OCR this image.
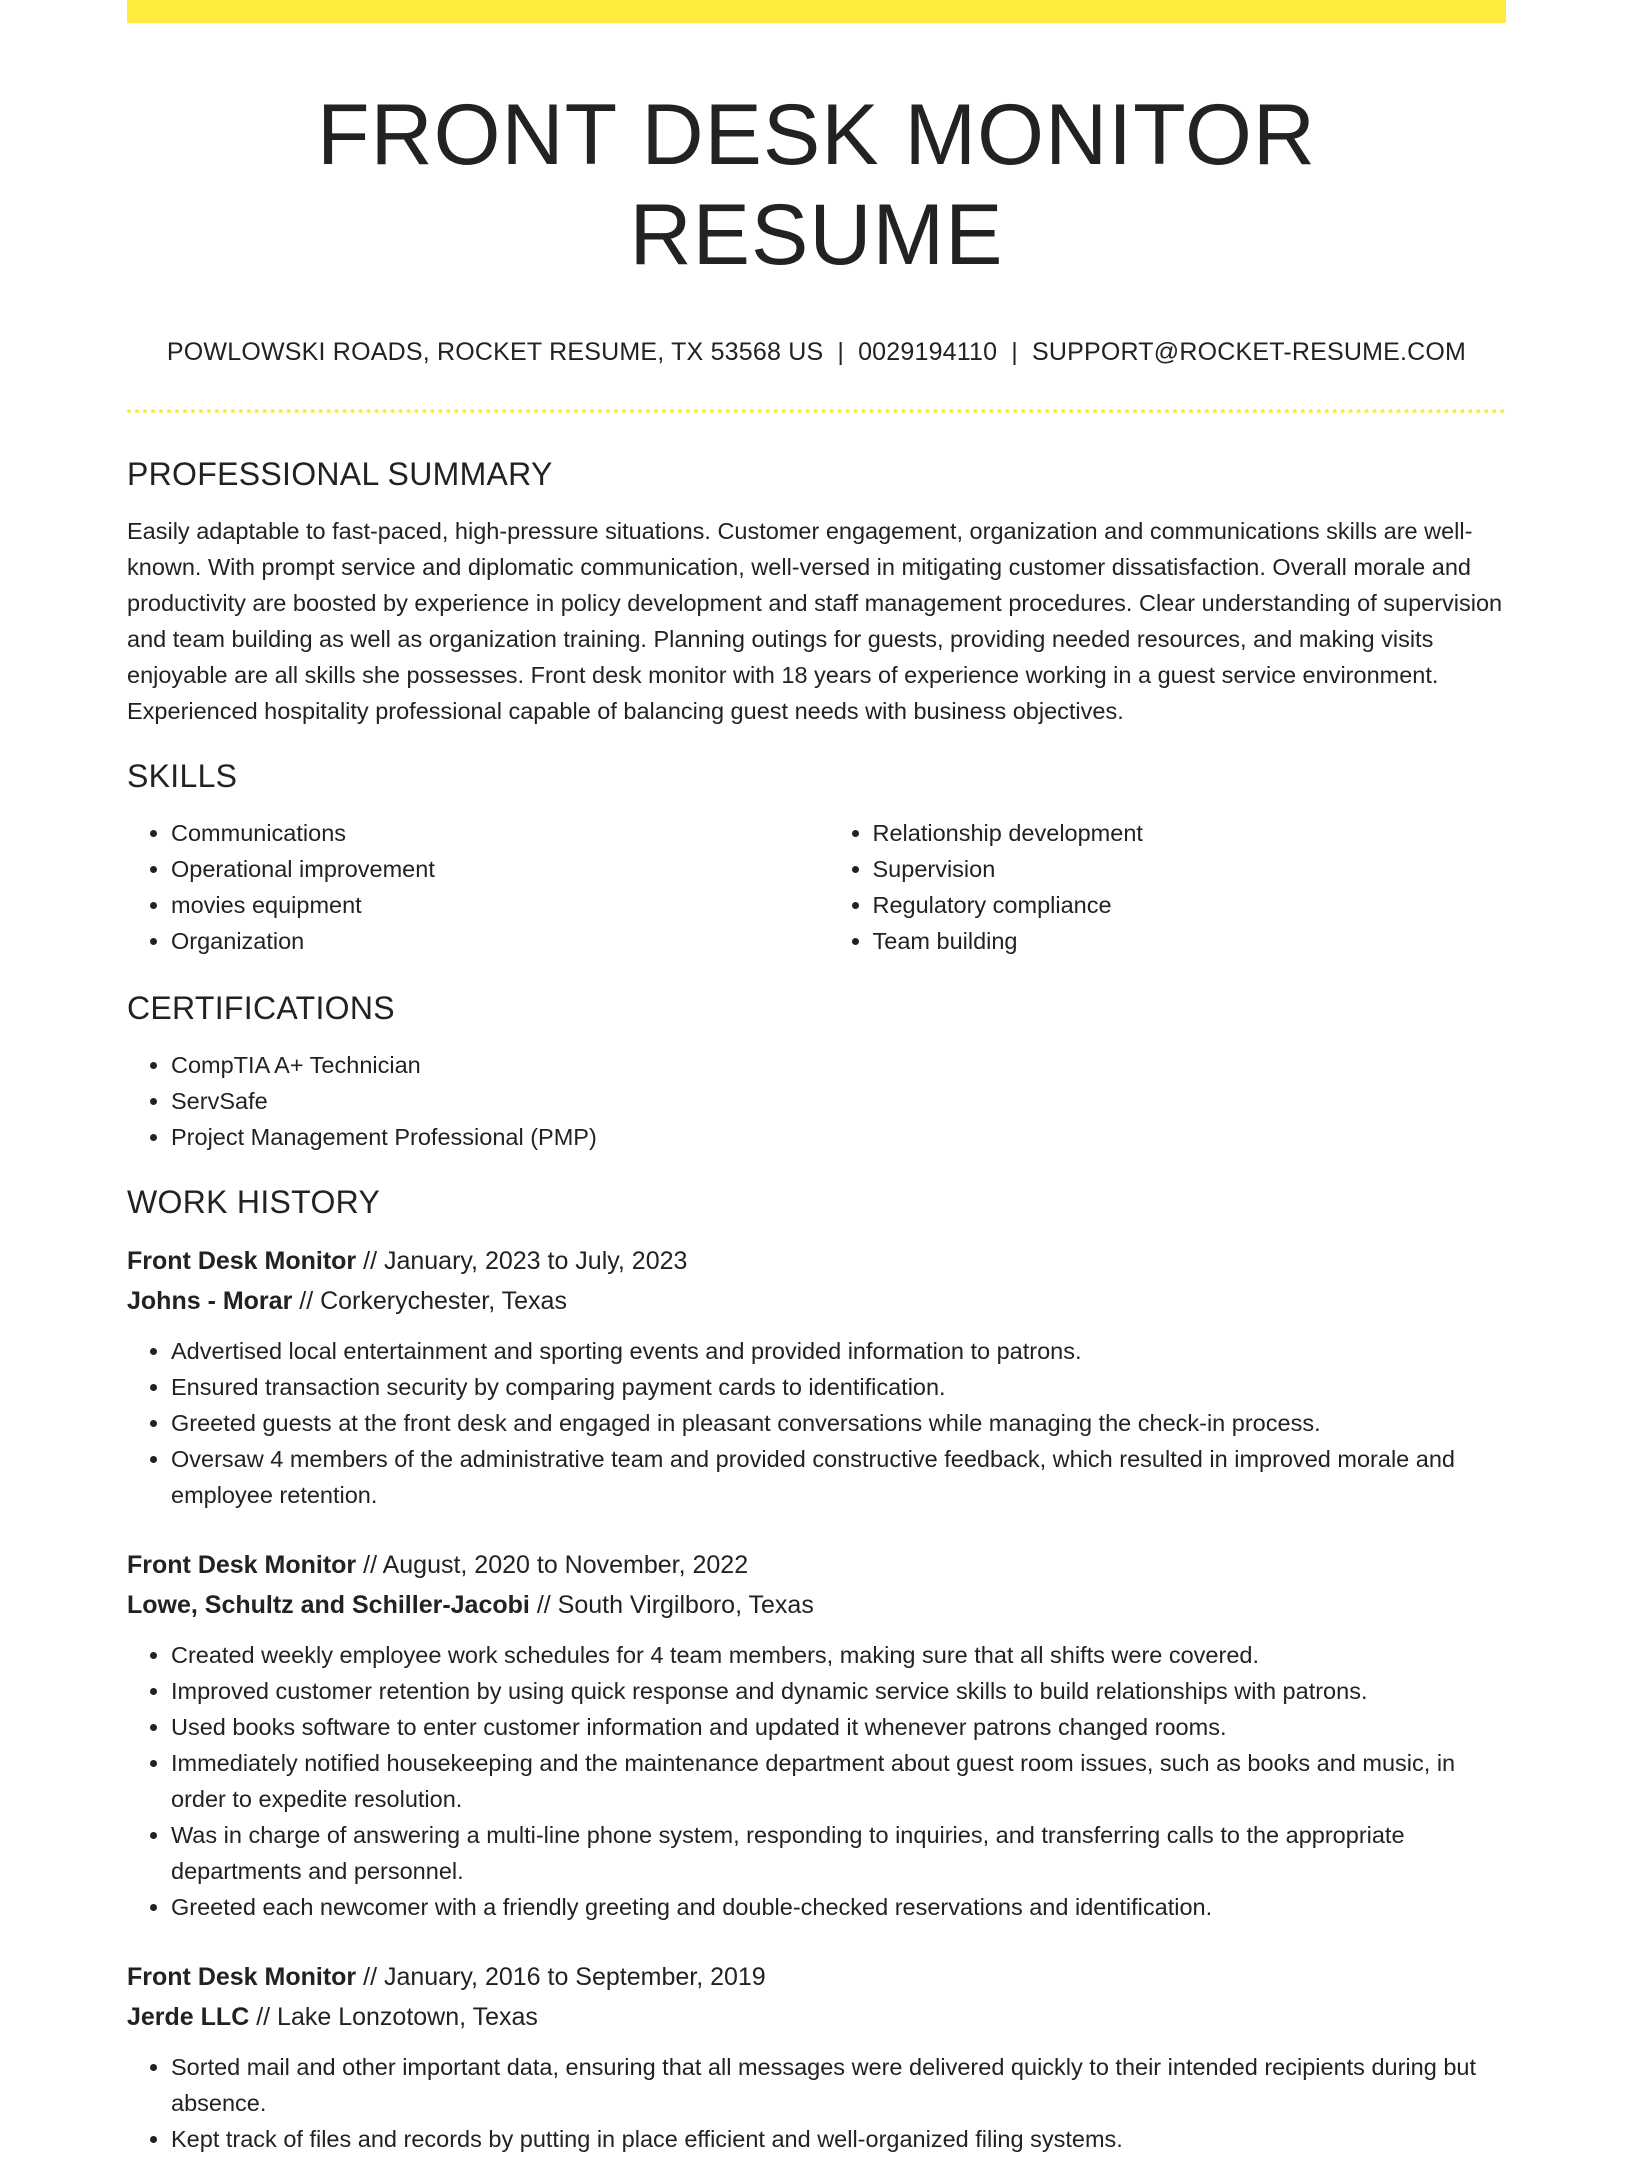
FRONT DESK MONITOR RESUME
POWLOWSKI ROADS, ROCKET RESUME, TX 53568 US | 0029194110 | SUPPORT@ROCKET-RESUME.COM
PROFESSIONAL SUMMARY
Easily adaptable to fast-paced, high-pressure situations. Customer engagement, organization and communications skills are well-known. With prompt service and diplomatic communication, well-versed in mitigating customer dissatisfaction. Overall morale and productivity are boosted by experience in policy development and staff management procedures. Clear understanding of supervision and team building as well as organization training. Planning outings for guests, providing needed resources, and making visits enjoyable are all skills she possesses. Front desk monitor with 18 years of experience working in a guest service environment. Experienced hospitality professional capable of balancing guest needs with business objectives.
SKILLS
• Communications
• Operational improvement
• movies equipment
• Organization
• Relationship development
• Supervision
• Regulatory compliance
• Team building
CERTIFICATIONS
• CompTIA A+ Technician
• ServSafe
• Project Management Professional (PMP)
WORK HISTORY
Front Desk Monitor // January, 2023 to July, 2023
Johns - Morar // Corkerychester, Texas
• Advertised local entertainment and sporting events and provided information to patrons.
• Ensured transaction security by comparing payment cards to identification.
• Greeted guests at the front desk and engaged in pleasant conversations while managing the check-in process.
• Oversaw 4 members of the administrative team and provided constructive feedback, which resulted in improved morale and employee retention.
Front Desk Monitor // August, 2020 to November, 2022
Lowe, Schultz and Schiller-Jacobi // South Virgilboro, Texas
• Created weekly employee work schedules for 4 team members, making sure that all shifts were covered.
• Improved customer retention by using quick response and dynamic service skills to build relationships with patrons.
• Used books software to enter customer information and updated it whenever patrons changed rooms.
• Immediately notified housekeeping and the maintenance department about guest room issues, such as books and music, in order to expedite resolution.
• Was in charge of answering a multi-line phone system, responding to inquiries, and transferring calls to the appropriate departments and personnel.
• Greeted each newcomer with a friendly greeting and double-checked reservations and identification.
Front Desk Monitor // January, 2016 to September, 2019
Jerde LLC // Lake Lonzotown, Texas
• Sorted mail and other important data, ensuring that all messages were delivered quickly to their intended recipients during but absence.
• Kept track of files and records by putting in place efficient and well-organized filing systems.
